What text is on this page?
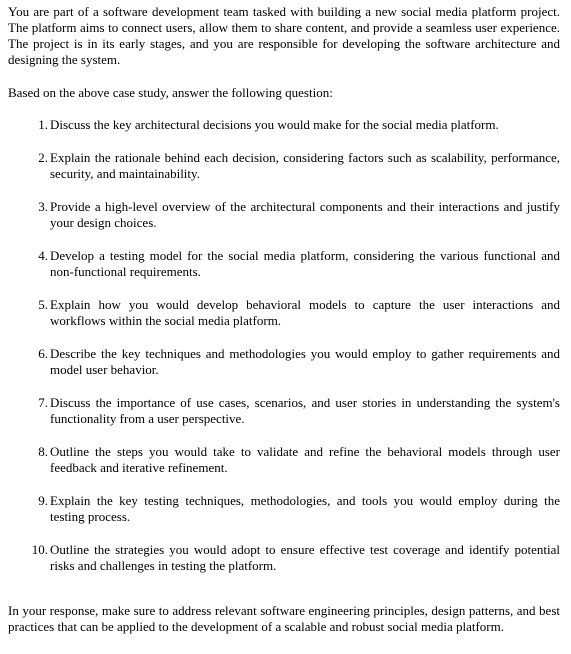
You are part of a software development team tasked with building a new social media platform project. The platform aims to connect users, allow them to share content, and provide a seamless user experience. The project is in its early stages, and you are responsible for developing the software architecture and designing the system.

Based on the above case study, answer the following question:

1. Discuss the key architectural decisions you would make for the social media platform.
2. Explain the rationale behind each decision, considering factors such as scalability, performance, security, and maintainability.
3. Provide a high-level overview of the architectural components and their interactions and justify your design choices.
4. Develop a testing model for the social media platform, considering the various functional and non-functional requirements.
5. Explain how you would develop behavioral models to capture the user interactions and workflows within the social media platform.
6. Describe the key techniques and methodologies you would employ to gather requirements and model user behavior.
7. Discuss the importance of use cases, scenarios, and user stories in understanding the system's functionality from a user perspective.
8. Outline the steps you would take to validate and refine the behavioral models through user feedback and iterative refinement.
9. Explain the key testing techniques, methodologies, and tools you would employ during the testing process.
10. Outline the strategies you would adopt to ensure effective test coverage and identify potential risks and challenges in testing the platform.

In your response, make sure to address relevant software engineering principles, design patterns, and best practices that can be applied to the development of a scalable and robust social media platform.
